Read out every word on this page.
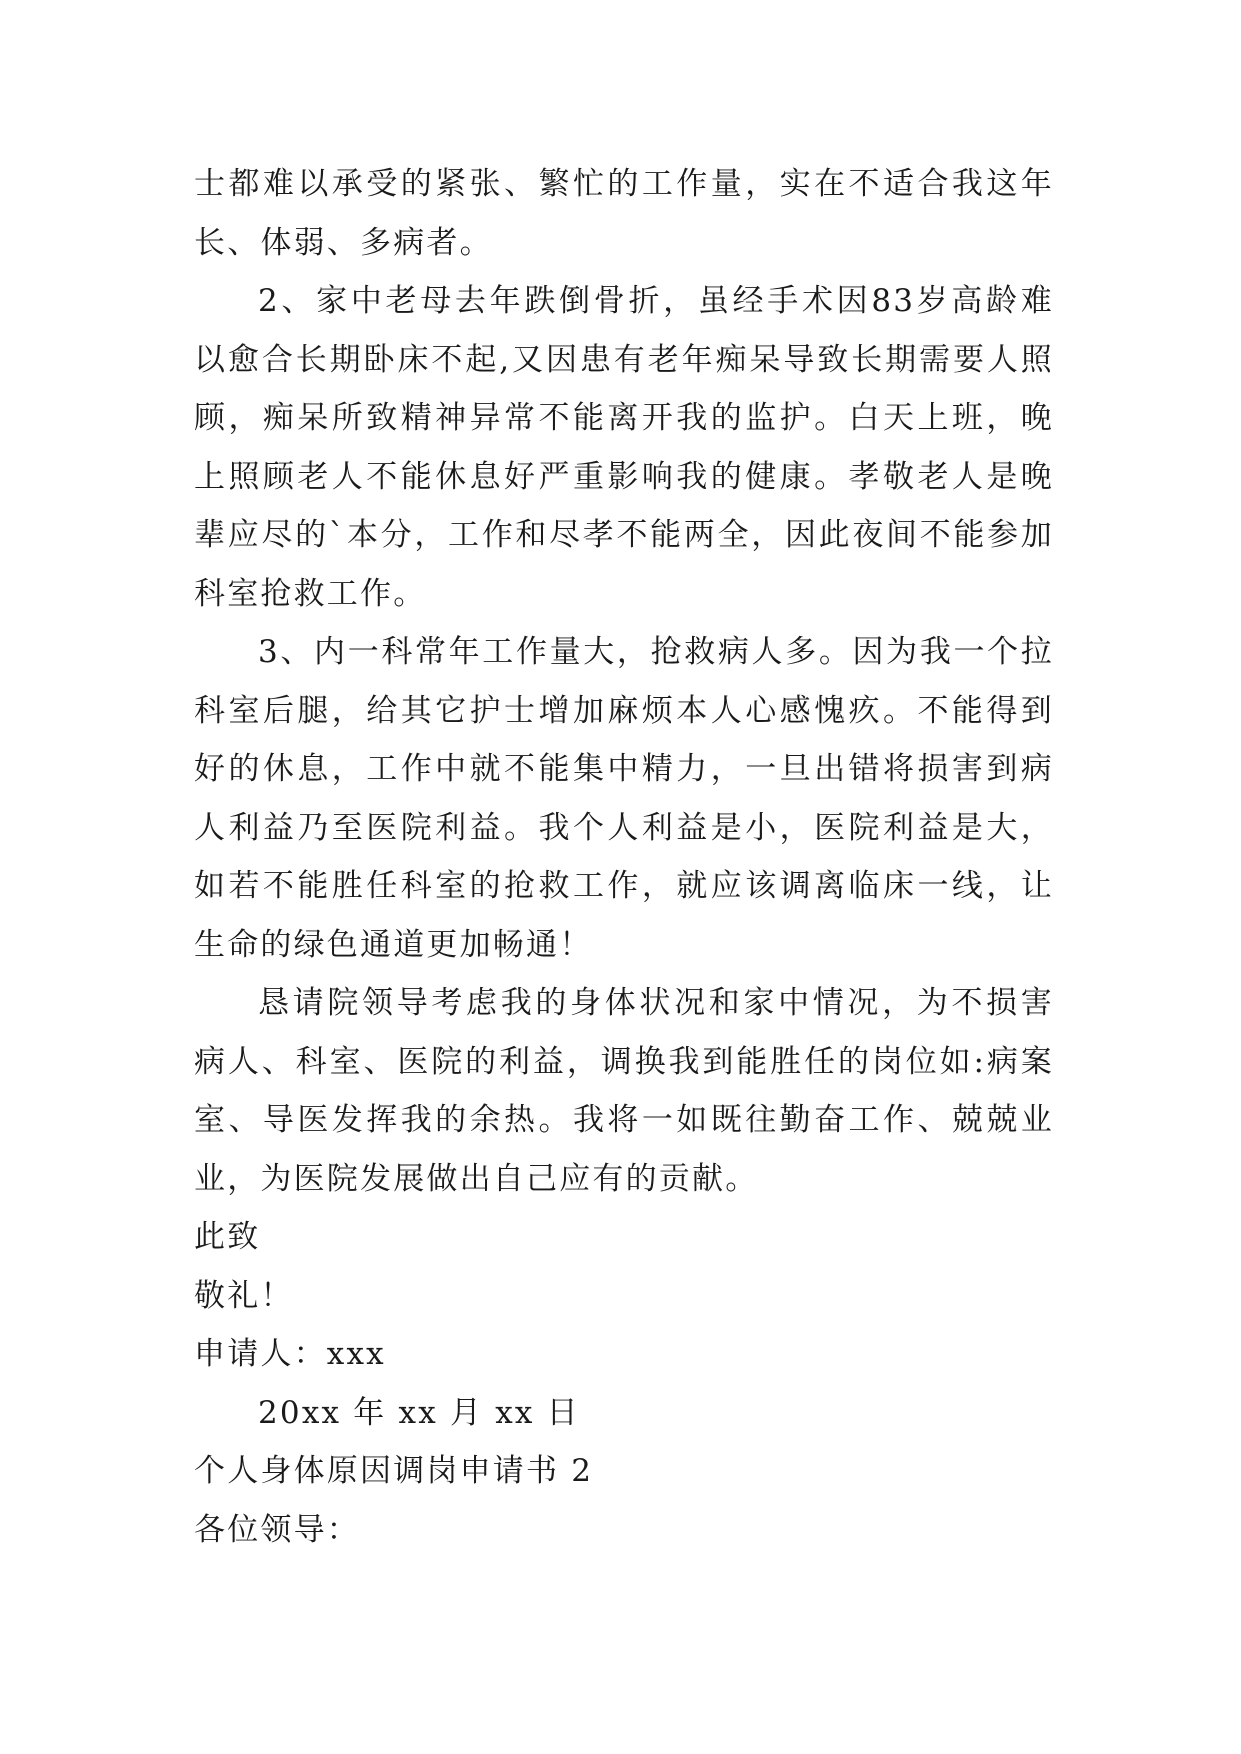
士都难以承受的紧张、繁忙的工作量，实在不适合我这年长、体弱、多病者。

2、家中老母去年跌倒骨折，虽经手术因83岁高龄难以愈合长期卧床不起,又因患有老年痴呆导致长期需要人照顾，痴呆所致精神异常不能离开我的监护。白天上班，晚上照顾老人不能休息好严重影响我的健康。孝敬老人是晚辈应尽的`本分，工作和尽孝不能两全，因此夜间不能参加科室抢救工作。

3、内一科常年工作量大，抢救病人多。因为我一个拉科室后腿，给其它护士增加麻烦本人心感愧疚。不能得到好的休息，工作中就不能集中精力，一旦出错将损害到病人利益乃至医院利益。我个人利益是小，医院利益是大，如若不能胜任科室的抢救工作，就应该调离临床一线，让生命的绿色通道更加畅通！

恳请院领导考虑我的身体状况和家中情况，为不损害病人、科室、医院的利益，调换我到能胜任的岗位如:病案室、导医发挥我的余热。我将一如既往勤奋工作、兢兢业业，为医院发展做出自己应有的贡献。

此致

敬礼！

申请人：xxx

20xx 年 xx 月 xx 日

个人身体原因调岗申请书 2

各位领导：
